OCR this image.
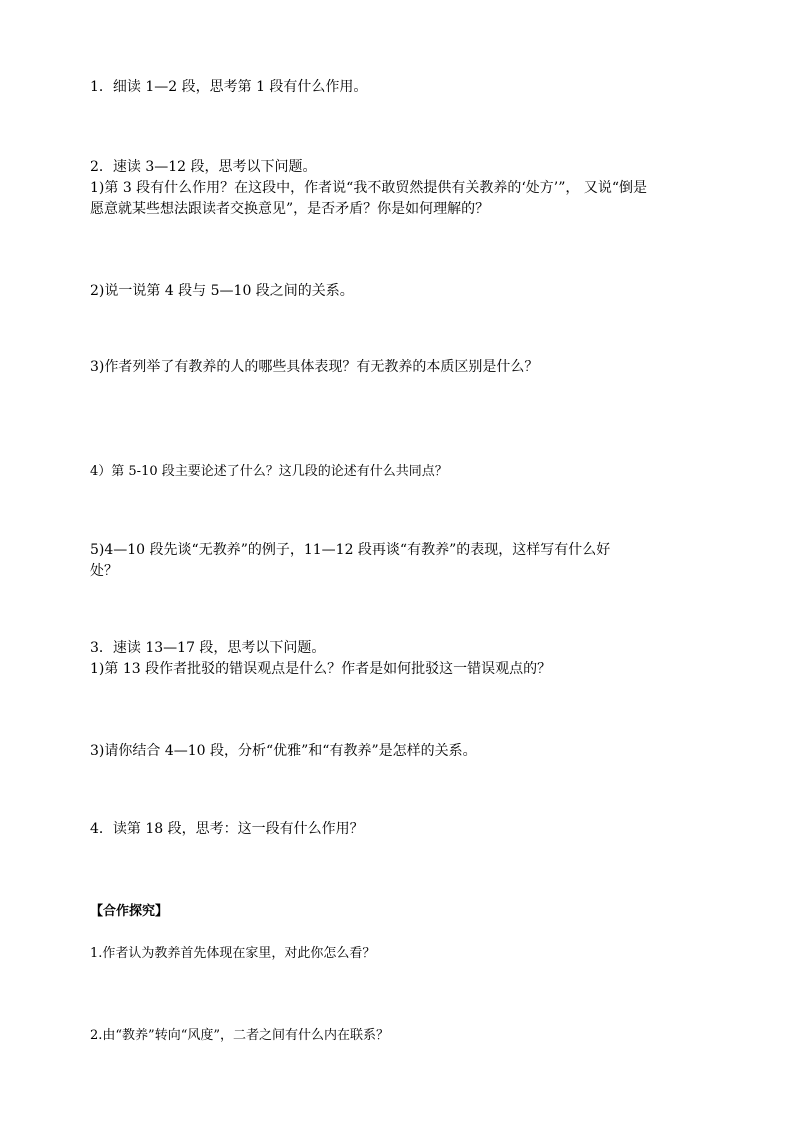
1．细读 1—2 段，思考第 1 段有什么作用。
2．速读 3—12 段，思考以下问题。
1)第 3 段有什么作用？在这段中，作者说“我不敢贸然提供有关教养的‘处方’”， 又说“倒是
愿意就某些想法跟读者交换意见”，是否矛盾？你是如何理解的？
2)说一说第 4 段与 5—10 段之间的关系。
3)作者列举了有教养的人的哪些具体表现？有无教养的本质区别是什么？
4）第 5-10 段主要论述了什么？这几段的论述有什么共同点？
5)4—10 段先谈“无教养”的例子，11—12 段再谈“有教养”的表现，这样写有什么好
处？
3．速读 13—17 段，思考以下问题。
1)第 13 段作者批驳的错误观点是什么？作者是如何批驳这一错误观点的？
3)请你结合 4—10 段，分析“优雅”和“有教养”是怎样的关系。
4．读第 18 段，思考：这一段有什么作用？
【合作探究】
1.作者认为教养首先体现在家里，对此你怎么看？
2.由“教养”转向“风度”，二者之间有什么内在联系？
